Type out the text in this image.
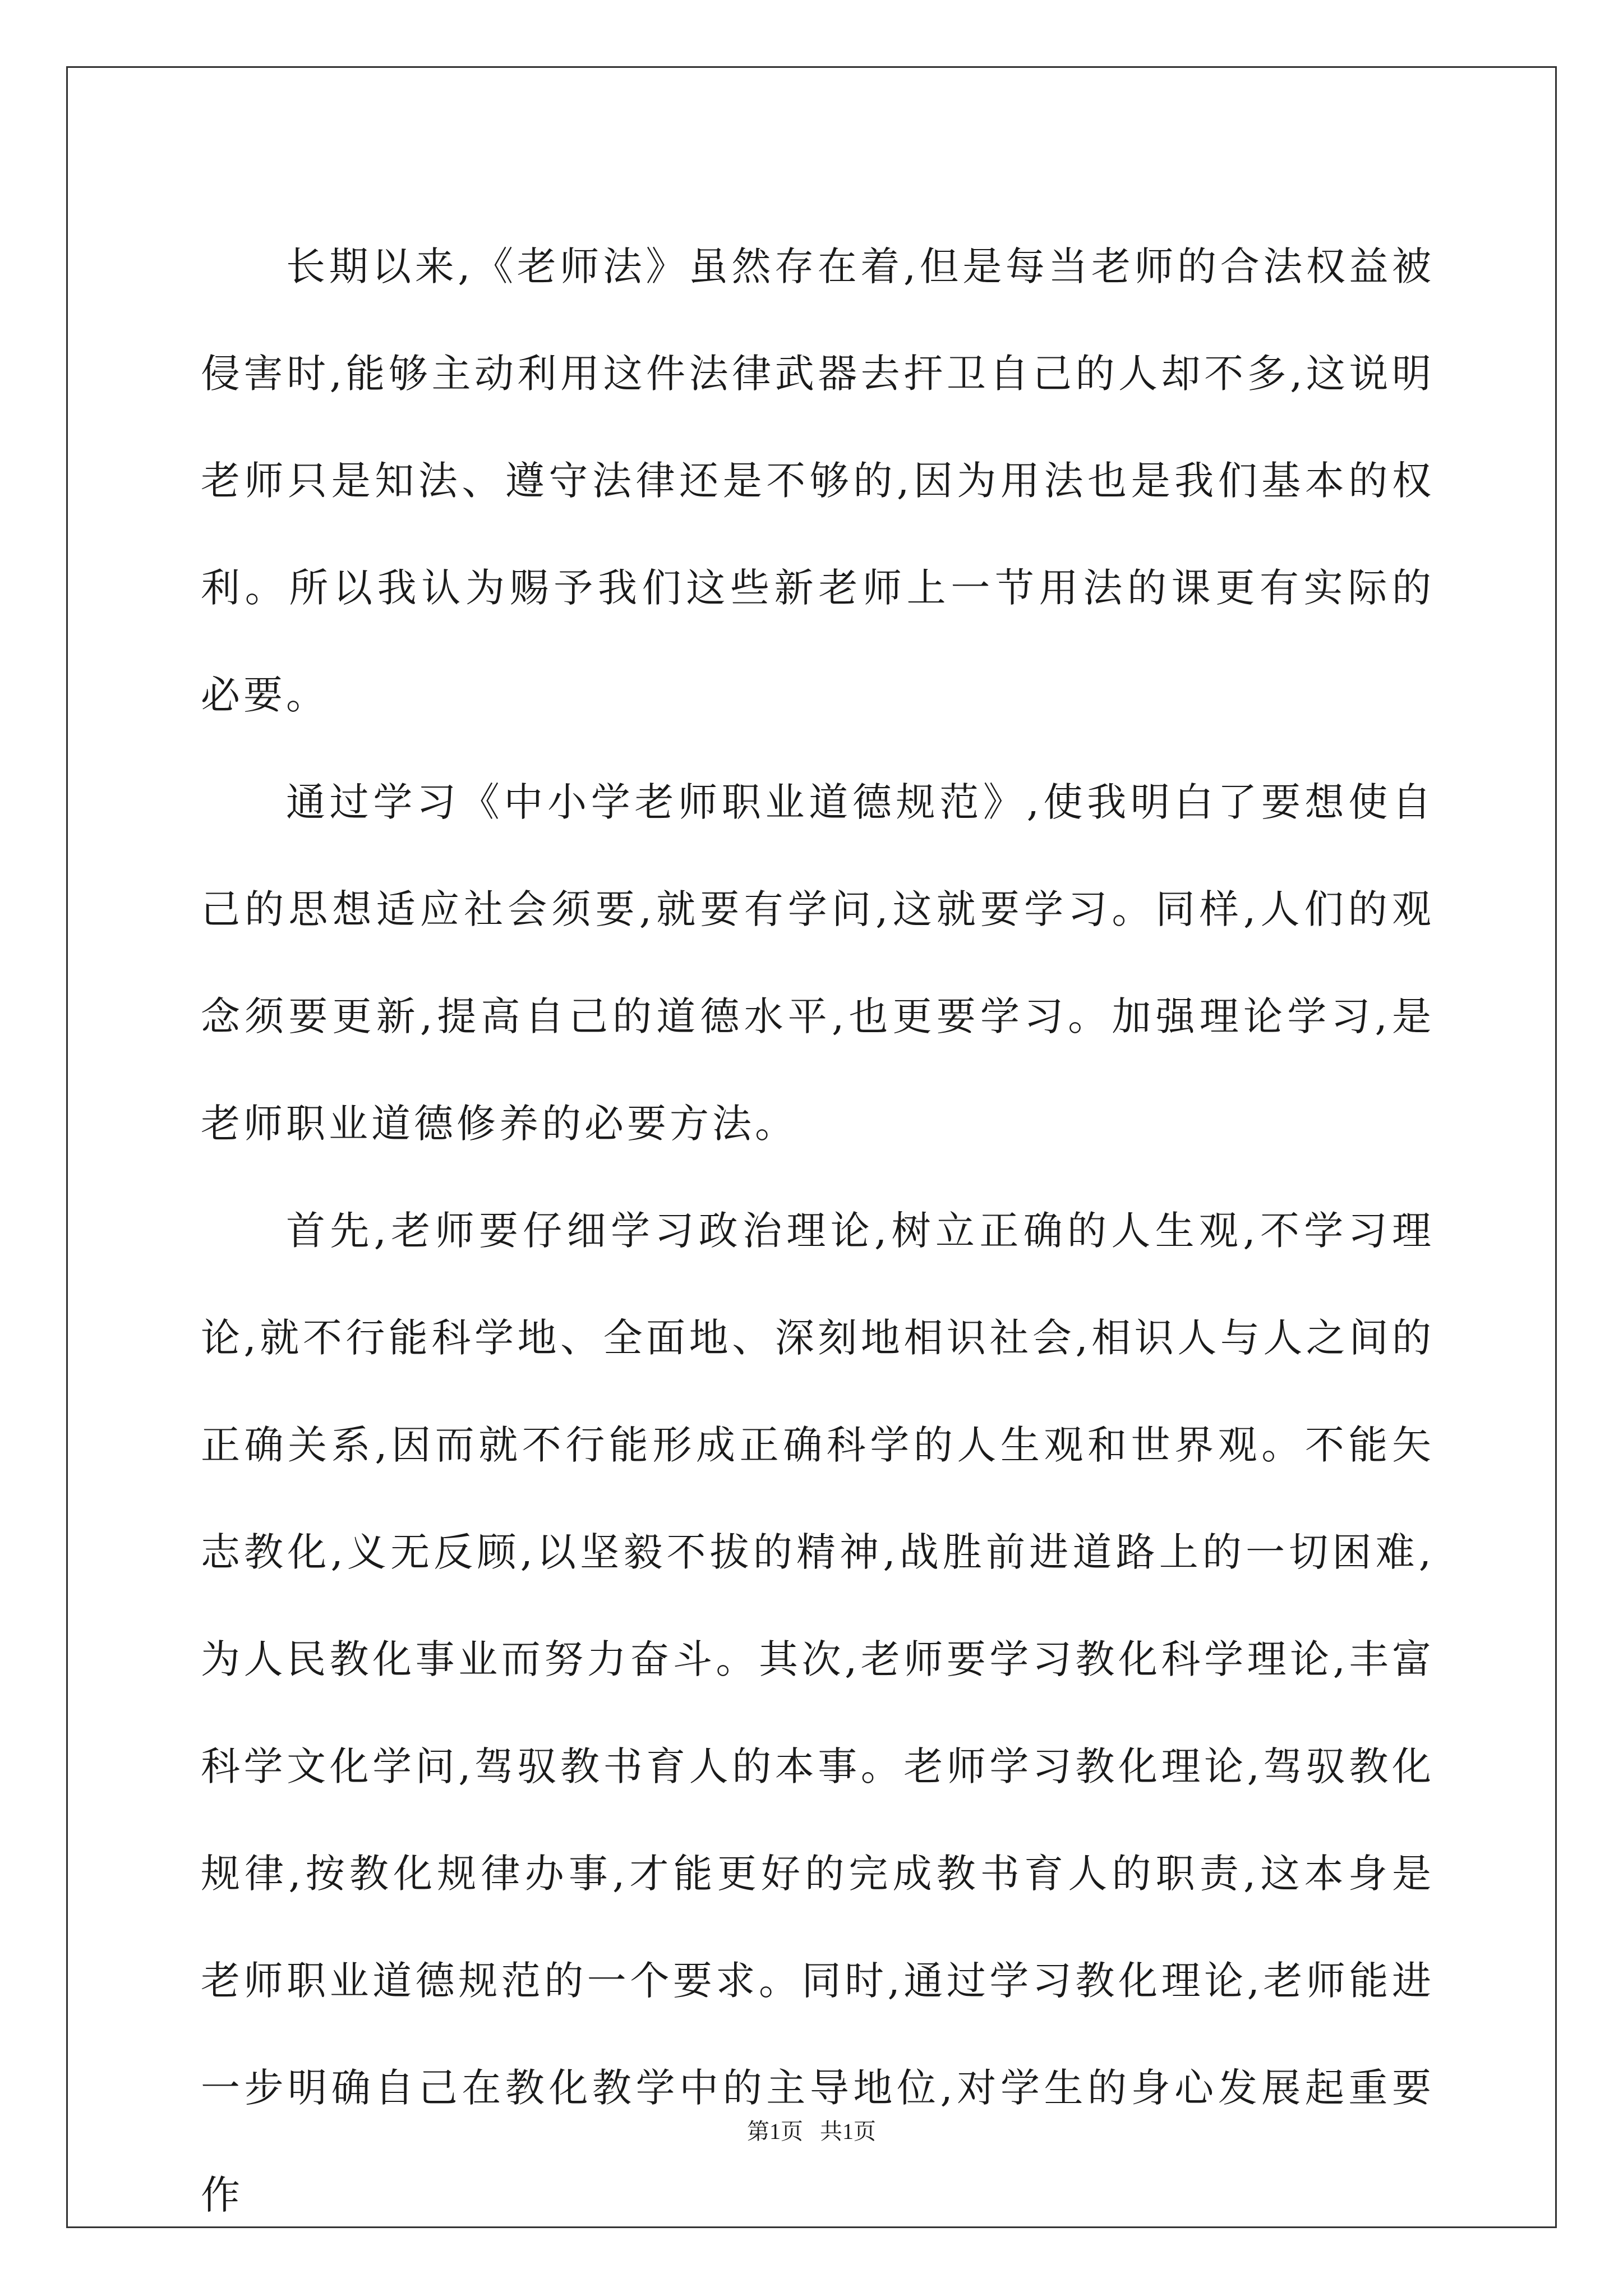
长期以来,《老师法》虽然存在着,但是每当老师的合法权益被侵害时,能够主动利用这件法律武器去扞卫自己的人却不多,这说明老师只是知法、遵守法律还是不够的,因为用法也是我们基本的权利。所以我认为赐予我们这些新老师上一节用法的课更有实际的必要。

通过学习《中小学老师职业道德规范》,使我明白了要想使自己的思想适应社会须要,就要有学问,这就要学习。同样,人们的观念须要更新,提高自己的道德水平,也更要学习。加强理论学习,是老师职业道德修养的必要方法。

首先,老师要仔细学习政治理论,树立正确的人生观,不学习理论,就不行能科学地、全面地、深刻地相识社会,相识人与人之间的正确关系,因而就不行能形成正确科学的人生观和世界观。不能矢志教化,义无反顾,以坚毅不拔的精神,战胜前进道路上的一切困难,为人民教化事业而努力奋斗。其次,老师要学习教化科学理论,丰富科学文化学问,驾驭教书育人的本事。老师学习教化理论,驾驭教化规律,按教化规律办事,才能更好的完成教书育人的职责,这本身是老师职业道德规范的一个要求。同时,通过学习教化理论,老师能进一步明确自己在教化教学中的主导地位,对学生的身心发展起重要作

第1页   共1页
